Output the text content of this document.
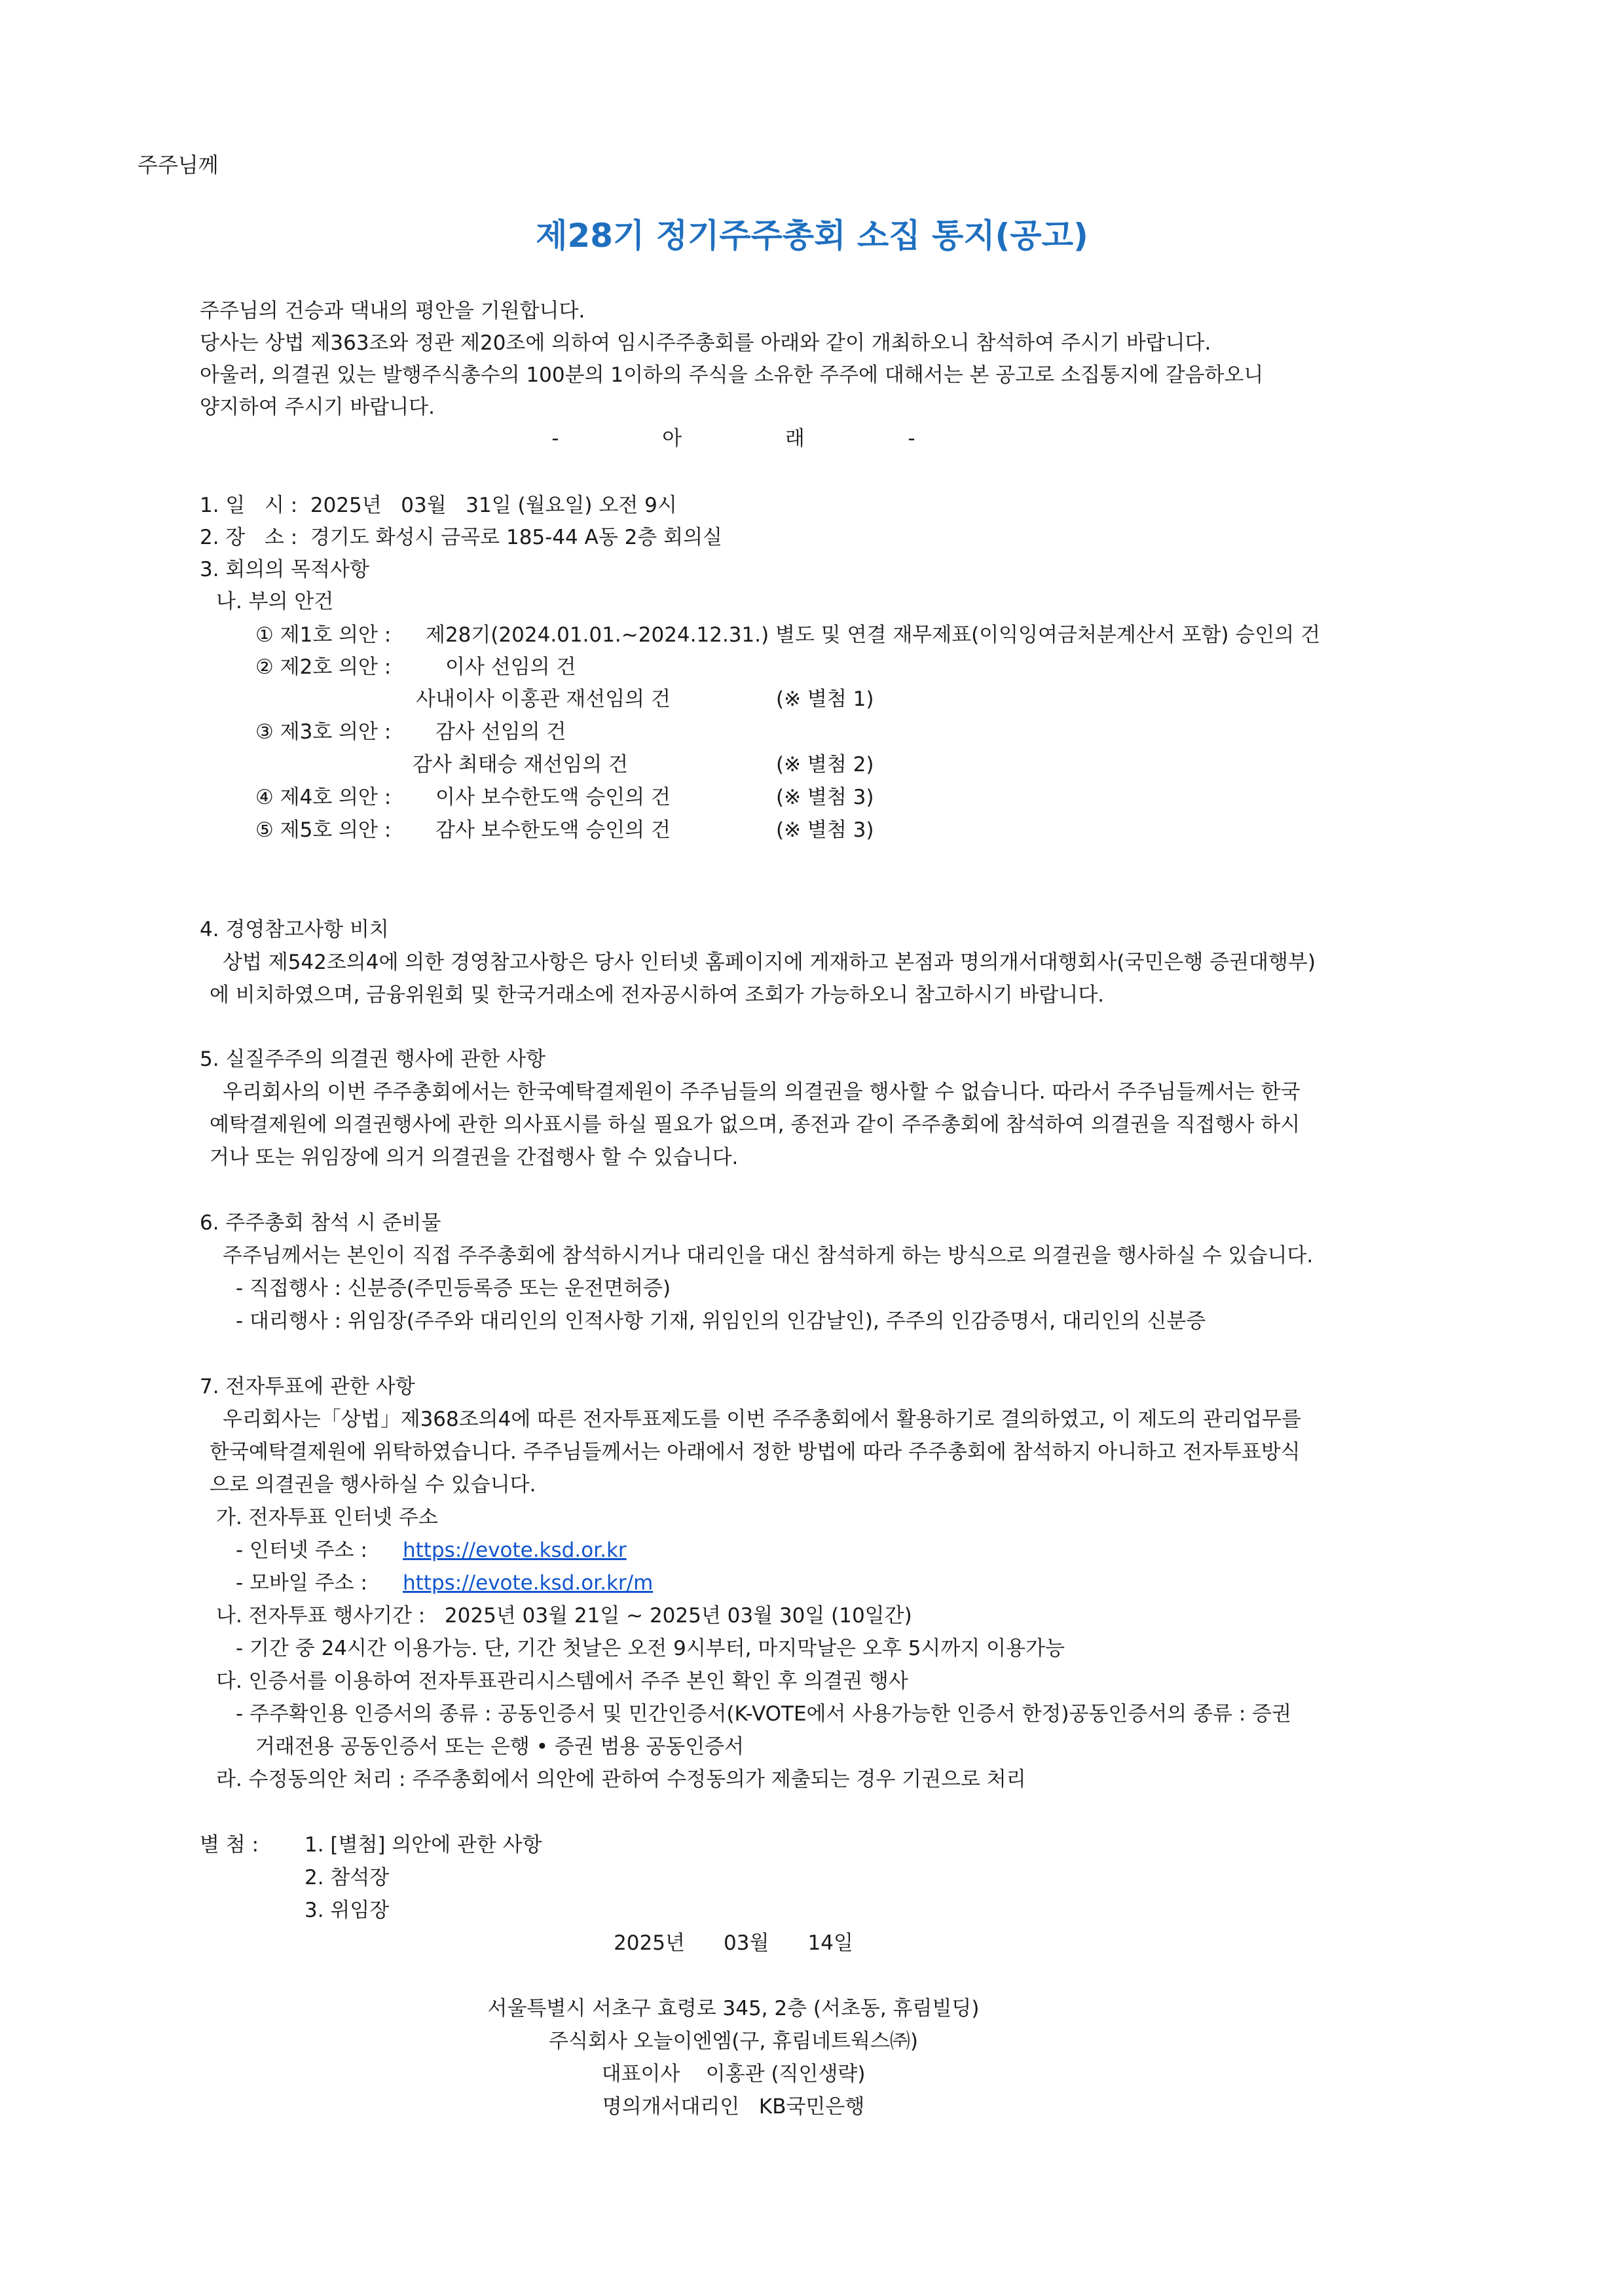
주주님께
제28기 정기주주총회 소집 통지(공고)
주주님의 건승과 댁내의 평안을 기원합니다.
당사는 상법 제363조와 정관 제20조에 의하여 임시주주총회를 아래와 같이 개최하오니 참석하여 주시기 바랍니다.
아울러, 의결권 있는 발행주식총수의 100분의 1이하의 주식을 소유한 주주에 대해서는 본 공고로 소집통지에 갈음하오니
양지하여 주시기 바랍니다.
-                아                래                -
1. 일   시 :  2025년   03월   31일 (월요일) 오전 9시
2. 장   소 :  경기도 화성시 금곡로 185-44 A동 2층 회의실
3. 회의의 목적사항
나. 부의 안건
① 제1호 의안 : 제28기(2024.01.01.~2024.12.31.) 별도 및 연결 재무제표(이익잉여금처분계산서 포함) 승인의 건
② 제2호 의안 :	이사 선임의 건
사내이사 이홍관 재선임의 건	(※ 별첨 1)
③ 제3호 의안 : 감사 선임의 건
감사 최태승 재선임의 건	(※ 별첨 2)
④ 제4호 의안 : 이사 보수한도액 승인의 건	(※ 별첨 3)
⑤ 제5호 의안 : 감사 보수한도액 승인의 건	(※ 별첨 3)
4. 경영참고사항 비치
상법 제542조의4에 의한 경영참고사항은 당사 인터넷 홈페이지에 게재하고 본점과 명의개서대행회사(국민은행 증권대행부)
에 비치하였으며, 금융위원회 및 한국거래소에 전자공시하여 조회가 가능하오니 참고하시기 바랍니다.
5. 실질주주의 의결권 행사에 관한 사항
우리회사의 이번 주주총회에서는 한국예탁결제원이 주주님들의 의결권을 행사할 수 없습니다. 따라서 주주님들께서는 한국
예탁결제원에 의결권행사에 관한 의사표시를 하실 필요가 없으며, 종전과 같이 주주총회에 참석하여 의결권을 직접행사 하시
거나 또는 위임장에 의거 의결권을 간접행사 할 수 있습니다.
6. 주주총회 참석 시 준비물
주주님께서는 본인이 직접 주주총회에 참석하시거나 대리인을 대신 참석하게 하는 방식으로 의결권을 행사하실 수 있습니다.
- 직접행사 : 신분증(주민등록증 또는 운전면허증)
- 대리행사 : 위임장(주주와 대리인의 인적사항 기재, 위임인의 인감날인), 주주의 인감증명서, 대리인의 신분증
7. 전자투표에 관한 사항
우리회사는「상법」제368조의4에 따른 전자투표제도를 이번 주주총회에서 활용하기로 결의하였고, 이 제도의 관리업무를
한국예탁결제원에 위탁하였습니다. 주주님들께서는 아래에서 정한 방법에 따라 주주총회에 참석하지 아니하고 전자투표방식
으로 의결권을 행사하실 수 있습니다.
가. 전자투표 인터넷 주소
- 인터넷 주소 : https://evote.ksd.or.kr
- 모바일 주소 : https://evote.ksd.or.kr/m
나. 전자투표 행사기간 :   2025년 03월 21일 ~ 2025년 03월 30일 (10일간)
- 기간 중 24시간 이용가능. 단, 기간 첫날은 오전 9시부터, 마지막날은 오후 5시까지 이용가능
다. 인증서를 이용하여 전자투표관리시스템에서 주주 본인 확인 후 의결권 행사
- 주주확인용 인증서의 종류 : 공동인증서 및 민간인증서(K-VOTE에서 사용가능한 인증서 한정)공동인증서의 종류 : 증권
거래전용 공동인증서 또는 은행 • 증권 범용 공동인증서
라. 수정동의안 처리 : 주주총회에서 의안에 관하여 수정동의가 제출되는 경우 기권으로 처리
별 첨 : 1. [별첨] 의안에 관한 사항
2. 참석장
3. 위임장
2025년      03월      14일
서울특별시 서초구 효령로 345, 2층 (서초동, 휴림빌딩)
주식회사 오늘이엔엠(구, 휴림네트웍스㈜)
대표이사    이홍관 (직인생략)
명의개서대리인   KB국민은행
